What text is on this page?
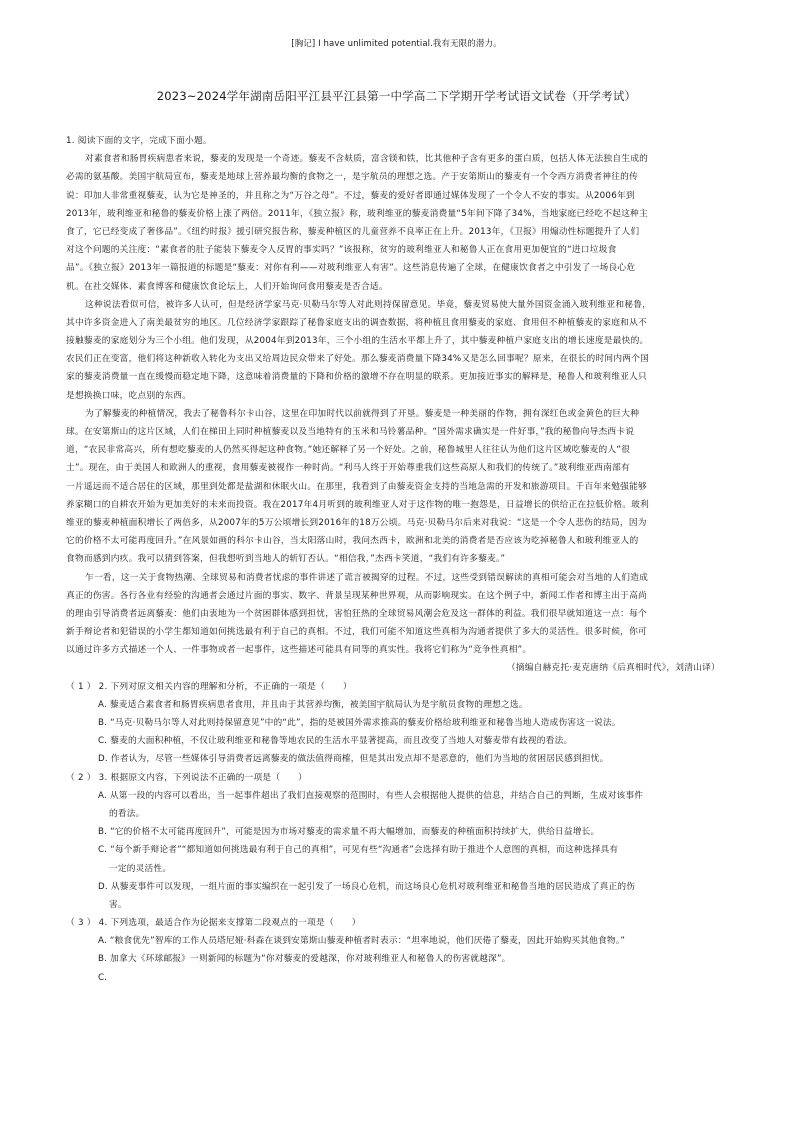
[胸记] I have unlimited potential.我有无限的潜力。
2023~2024学年湖南岳阳平江县平江县第一中学高二下学期开学考试语文试卷（开学考试）
1. 阅读下面的文字，完成下面小题。
对素食者和肠胃疾病患者来说，藜麦的发现是一个奇迹。藜麦不含麸质，富含镁和铁，比其他种子含有更多的蛋白质，包括人体无法独自生成的
必需的氨基酸。美国宇航局宣布，藜麦是地球上营养最均衡的食物之一，是宇航员的理想之选。产于安第斯山的藜麦有一个令西方消费者神往的传
说：印加人非常重视藜麦，认为它是神圣的，并且称之为“万谷之母”。不过，藜麦的爱好者即通过媒体发现了一个令人不安的事实。从2006年到
2013年，玻利维亚和秘鲁的藜麦价格上涨了两倍。2011年，《独立报》称，玻利维亚的藜麦消费量“5年间下降了34%，当地家庭已经吃不起这种主
食了，它已经变成了奢侈品”。《纽约时报》援引研究报告称，藜麦种植区的儿童营养不良率正在上升。2013年，《卫报》用煽动性标题提升了人们
对这个问题的关注度：“素食者的肚子能装下藜麦令人反胃的事实吗？”该报称，贫穷的玻利维亚人和秘鲁人正在食用更加便宜的“进口垃圾食
品”。《独立报》2013年一篇报道的标题是“藜麦：对你有利——对玻利维亚人有害”。这些消息传遍了全球，在健康饮食者之中引发了一场良心危
机。在社交媒体、素食博客和健康饮食论坛上，人们开始询问食用藜麦是否合适。
这种说法看似可信，被许多人认可，但是经济学家马克·贝勒马尔等人对此则持保留意见。毕竟，藜麦贸易使大量外国资金涌入玻利维亚和秘鲁，
其中许多资金进入了南美最贫穷的地区。几位经济学家跟踪了秘鲁家庭支出的调查数据，将种植且食用藜麦的家庭、食用但不种植藜麦的家庭和从不
接触藜麦的家庭划分为三个小组。他们发现，从2004年到2013年，三个小组的生活水平都上升了，其中藜麦种植户家庭支出的增长速度是最快的。
农民们正在变富，他们将这种新收入转化为支出又给周边民众带来了好处。那么藜麦消费量下降34%又是怎么回事呢？原来，在很长的时间内两个国
家的藜麦消费量一直在缓慢而稳定地下降，这意味着消费量的下降和价格的激增不存在明显的联系。更加接近事实的解释是，秘鲁人和玻利维亚人只
是想换换口味，吃点别的东西。
为了解藜麦的种植情况，我去了秘鲁科尔卡山谷，这里在印加时代以前就得到了开垦。藜麦是一种美丽的作物，拥有深红色或金黄色的巨大种
球。在安第斯山的这片区域，人们在梯田上同时种植藜麦以及当地特有的玉米和马铃薯品种。“国外需求确实是一件好事，”我的秘鲁向导杰西卡说
道，“农民非常高兴，所有想吃藜麦的人仍然买得起这种食物。”她还解释了另一个好处。之前，秘鲁城里人往往认为他们这片区域吃藜麦的人“很
土”。现在，由于美国人和欧洲人的重视，食用藜麦被视作一种时尚。“利马人终于开始尊重我们这些高原人和我们的传统了。”玻利维亚西南部有
一片遥远而不适合居住的区域，那里到处都是盐湖和休眠火山。在那里，我看到了由藜麦资金支持的当地急需的开发和旅游项目。千百年来勉强能够
养家糊口的自耕农开始为更加美好的未来而投资。我在2017年4月听到的玻利维亚人对于这作物的唯一抱怨是，日益增长的供给正在拉低价格。玻利
维亚的藜麦种植面积增长了两倍多，从2007年的5万公顷增长到2016年的18万公顷。马克·贝勒马尔后来对我说：“这是一个令人悲伤的结局，因为
它的价格不太可能再度回升。”在风景如画的科尔卡山谷，当太阳落山时，我问杰西卡，欧洲和北美的消费者是否应该为吃掉秘鲁人和玻利维亚人的
食物而感到内疚。我可以猜到答案，但我想听到当地人的斩钉否认。“相信我，”杰西卡笑道，“我们有许多藜麦。”
乍一看，这一关于食物热潮、全球贸易和消费者忧虑的事件讲述了谎言被揭穿的过程。不过，这些受到错误解读的真相可能会对当地的人们造成
真正的伤害。各行各业有经验的沟通者会通过片面的事实、数字、背景呈现某种世界观，从而影响现实。在这个例子中，新闻工作者和博主出于高尚
的理由引导消费者远离藜麦：他们由衷地为一个贫困群体感到担忧，害怕狂热的全球贸易风潮会危及这一群体的利益。我们很早就知道这一点：每个
新手辩论者和犯错误的小学生都知道如何挑选最有利于自己的真相。不过，我们可能不知道这些真相为沟通者提供了多大的灵活性。很多时候，你可
以通过许多方式描述一个人、一件事物或者一起事件，这些描述可能具有同等的真实性。我将它们称为“竞争性真相”。
（摘编自赫克托·麦克唐纳《后真相时代》，刘清山译）
（ 1 ） 2. 下列对原文相关内容的理解和分析，不正确的一项是（　　）
A. 藜麦适合素食者和肠胃疾病患者食用，并且由于其营养均衡，被美国宇航局认为是宇航员食物的理想之选。
B. “马克·贝勒马尔等人对此则持保留意见”中的“此”，指的是被国外需求推高的藜麦价格给玻利维亚和秘鲁当地人造成伤害这一说法。
C. 藜麦的大面积种植，不仅让玻利维亚和秘鲁等地农民的生活水平显著提高，而且改变了当地人对藜麦带有歧视的看法。
D. 作者认为，尽管一些媒体引导消费者远离藜麦的做法值得商榷，但是其出发点却不是恶意的，他们为当地的贫困居民感到担忧。
（ 2 ） 3. 根据原文内容，下列说法不正确的一项是（　　）
A. 从第一段的内容可以看出，当一起事件超出了我们直接观察的范围时，有些人会根据他人提供的信息，并结合自己的判断，生成对该事件
的看法。
B. “它的价格不太可能再度回升”，可能是因为市场对藜麦的需求量不再大幅增加，而藜麦的种植面积持续扩大，供给日益增长。
C. “每个新手辩论者”“都知道如何挑选最有利于自己的真相”，可见有些“沟通者”会选择有助于推进个人意图的真相，而这种选择具有
一定的灵活性。
D. 从藜麦事件可以发现，一组片面的事实编织在一起引发了一场良心危机，而这场良心危机对玻利维亚和秘鲁当地的居民造成了真正的伤
害。
（ 3 ） 4. 下列选项，最适合作为论据来支撑第二段观点的一项是（　　）
A. “粮食优先”智库的工作人员塔尼娅·科森在谈到安第斯山藜麦种植者时表示：“坦率地说，他们厌倦了藜麦，因此开始购买其他食物。”
B. 加拿大《环球邮报》一则新闻的标题为“你对藜麦的爱越深，你对玻利维亚人和秘鲁人的伤害就越深”。
C.
